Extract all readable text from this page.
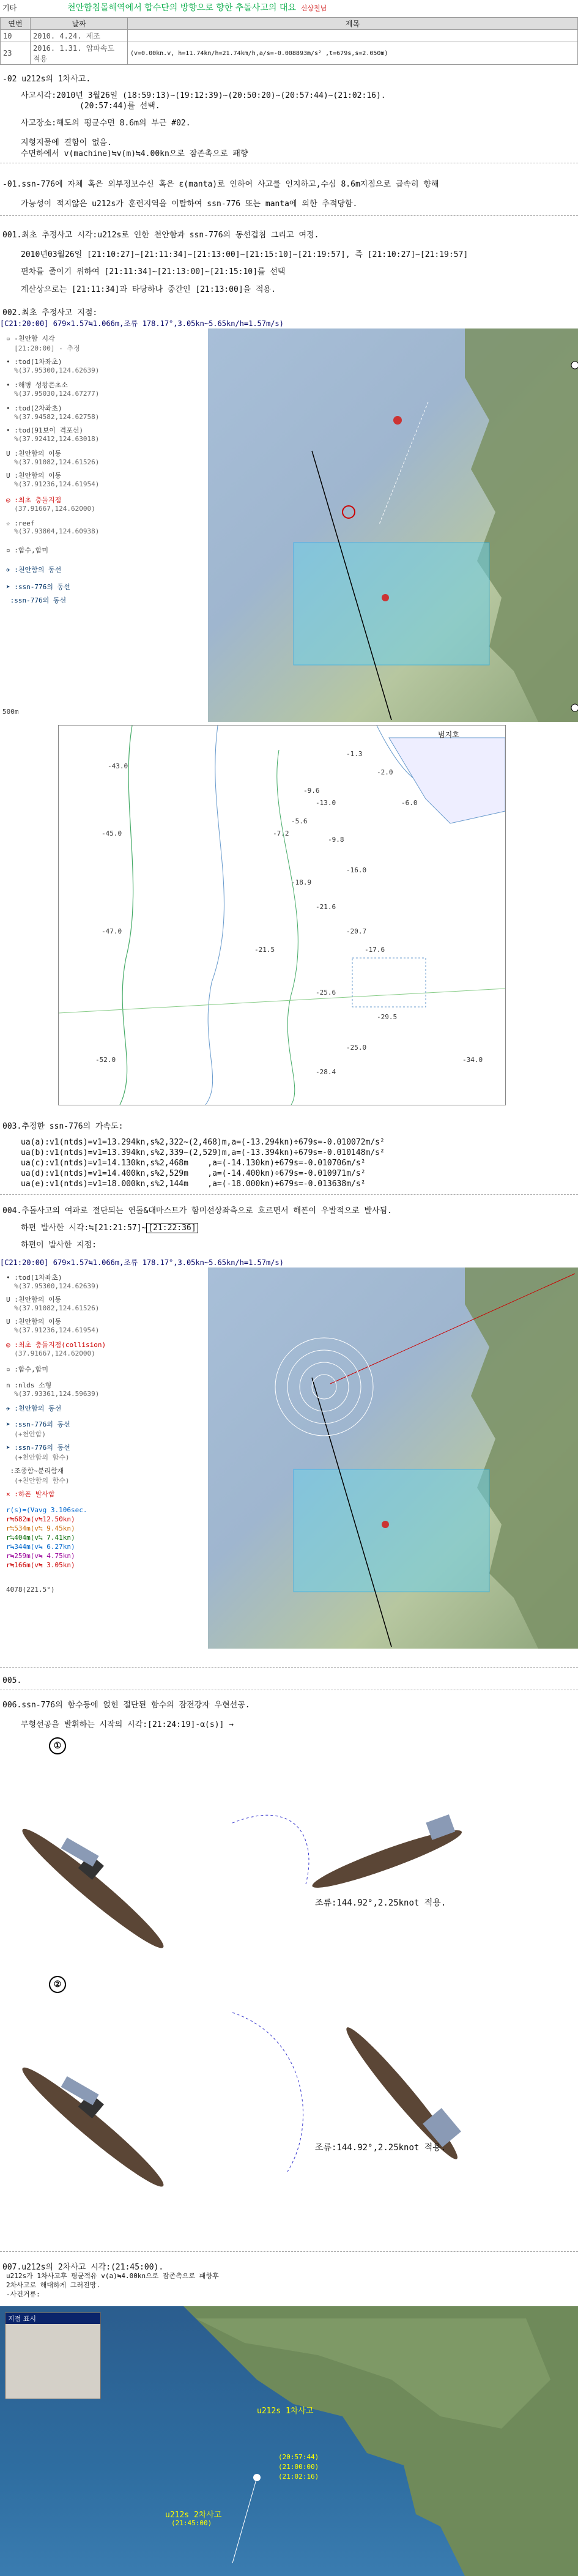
기타	천안함침몰해역에서 합수단의 방향으로 향한 추돌사고의 대요 신상철님
연번	날짜	제목
10	2010. 4.24. 제조	
23	2016. 1.31. 압파속도 적용	(v=0.00kn.v, h=11.74kn/h=21.74km/h,a/s=-0.008893m/s² ,t=679s,s=2.050m)
-02 u212s의 1차사고.
사고시각:2010년 3월26일 (18:59:13)~(19:12:39)~(20:50:20)~(20:57:44)~(21:02:16).
(20:57:44)를 선택.
사고장소:해도의 평균수면 8.6m의 부근 #02.
지형지물에 결함이 없음.
수면하에서 v(machine)≒v(m)≒4.00kn으로 잠존촉으로 패향
-01.ssn-776에 자체 혹은 외부정보수신 혹은 ε(manta)로 인하여 사고를 인지하고,수심 8.6m지점으로 급속히 향해
가능성이 적지않은 u212s가 훈련지역을 이탈하여 ssn-776 또는 manta에 의한 추적당함.
001.최초 추정사고 시각:u212s로 인한 천안함과 ssn-776의 동선겹침 그리고 여정.
2010년03월26일 [21:10:27]~[21:11:34]~[21:13:00]~[21:15:10]~[21:19:57], 즉 [21:10:27]~[21:19:57]
편차를 줄이기 위하여 [21:11:34]~[21:13:00]~[21:15:10]를 선택
계산상으로는 [21:11:34]과 타당하나 중간인 [21:13:00]을 적용.
002.최초 추정사고 지점:
[C21:20:00] 679×1.57≒1.066m,조류 178.17°,3.05kn~5.65kn/h=1.57m/s)
▫ -천안함 시각
[21:20:00] - 추정
• :tod(1차좌초)
%(37.95300,124.62639)
• :해병 성왕쯘초소
%(37.95030,124.67277)
• :tod(2차좌초)
%(37.94582,124.62758)
• :tod(91보이 격포선)
%(37.92412,124.63018)
U :천안함의 이동
%(37.91082,124.61526)
U :천안함의 이동
%(37.91236,124.61954)
◎ :최초 충돌지점
(37.91667,124.62000)
☆ :reef
%(37.93804,124.60938)
▫ :함수,함미
✈ :천안함의 동선
➤ :ssn-776의 동선
:ssn-776의 동선
500m
범지호
-43.0
-45.0
-47.0
-52.0
-7.2
-9.8
-18.9
-21.6
-20.7
-17.6
-21.5
-25.6
-34.0
-29.5
-28.4
-16.0
-13.0
-9.6
-5.6
-25.0
-1.3
-2.0
-6.0
003.추정한 ssn-776의 가속도:
ua(a):v1(ntds)=v1=13.294kn,s%2,322~(2,468)m,a=(-13.294kn)÷679s=-0.010072m/s²
ua(b):v1(ntds)=v1=13.394kn,s%2,339~(2,529)m,a=(-13.394kn)÷679s=-0.010148m/s²
ua(c):v1(ntds)=v1=14.130kn,s%2,468m    ,a=(-14.130kn)÷679s=-0.010706m/s²
ua(d):v1(ntds)=v1=14.400kn,s%2,529m    ,a=(-14.400kn)÷679s=-0.010971m/s²
ua(e):v1(ntds)=v1=18.000kn,s%2,144m    ,a=(-18.000kn)÷679s=-0.013638m/s²
004.추돌사고의 여파로 절단되는 연돌&대마스트가 함미선상좌측으로 흐르면서 해폰이 우발적으로 발사됨.
하편 발사한 시각:≒[21:21:57]~ [21:22:36]
하편이 발사한 지점:
[C21:20:00] 679×1.57≒1.066m,조류 178.17°,3.05kn~5.65kn/h=1.57m/s)
• :tod(1차좌초)
%(37.95300,124.62639)
U :천안함의 이동
%(37.91082,124.61526)
U :천안함의 이동
%(37.91236,124.61954)
◎ :최초 충돌지점(collision)
(37.91667,124.62000)
▫ :함수,함미
n :nlds 소형
%(37.93361,124.59639)
✈ :천안함의 동선
➤ :ssn-776의 동선
(+천안함)
➤ :ssn-776의 동선
(+천안함의 함수)
:조종함~분리함재
(+천안함의 함수)
× :하폰 발사함
r(s)=(Vavg 3.106sec.
r≒682m(v≒12.50kn)
r≒534m(v≒ 9.45kn)
r≒404m(v≒ 7.41kn)
r≒344m(v≒ 6.27kn)
r≒259m(v≒ 4.75kn)
r≒166m(v≒ 3.05kn)
4078(221.5°)
005.
006.ssn-776의 함수등에 얹힌 절단된 함수의 잠전강자 우현선공.
무형선공을 발휘하는 시작의 시각:[21:24:19]-α(s)] →
①
조류:144.92°,2.25knot 적용.
②
조류:144.92°,2.25knot 적용.
007.u212s의 2차사고 시각:(21:45:00).
u212s가 1차사고후 평균적유 v(a)≒4.00kn으로 잠존촉으로 패향후
2차사고로 해대하게 그러전망.
-사건거류:
지점 표시
u212s 1차사고
(20:57:44)
(21:00:00)
(21:02:16)
u212s 2차사고
(21:45:00)
